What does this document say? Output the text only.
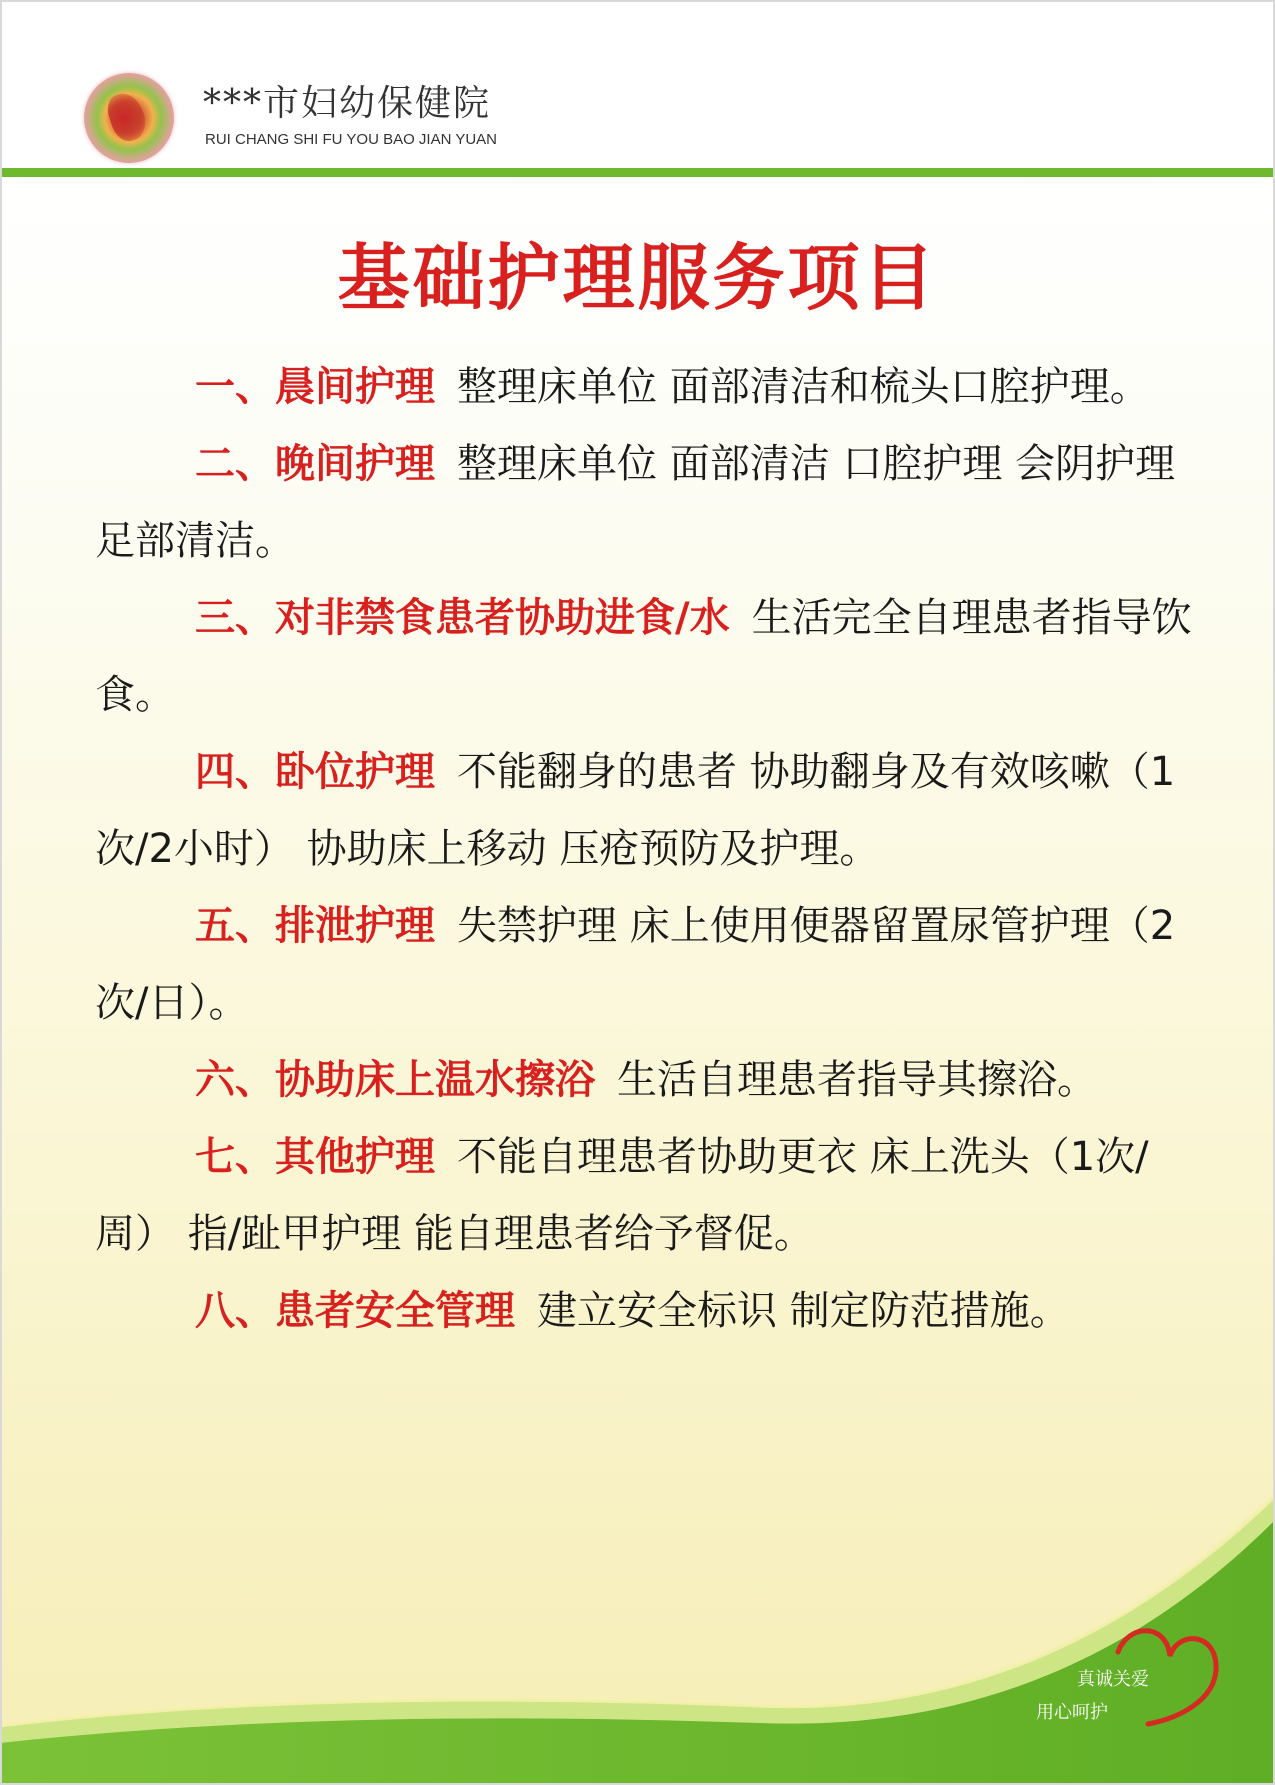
***市妇幼保健院
RUI CHANG SHI FU YOU BAO JIAN YUAN
基础护理服务项目

一、晨间护理 整理床单位 面部清洁和梳头口腔护理。

二、晚间护理 整理床单位 面部清洁 口腔护理 会阴护理 足部清洁。

三、对非禁食患者协助进食/水 生活完全自理患者指导饮食。

四、卧位护理 不能翻身的患者 协助翻身及有效咳嗽（1次/2小时） 协助床上移动 压疮预防及护理。

五、排泄护理 失禁护理 床上使用便器留置尿管护理（2次/日）。

六、协助床上温水擦浴 生活自理患者指导其擦浴。

七、其他护理 不能自理患者协助更衣 床上洗头（1次/周） 指/趾甲护理 能自理患者给予督促。

八、患者安全管理 建立安全标识 制定防范措施。

真诚关爱
用心呵护
